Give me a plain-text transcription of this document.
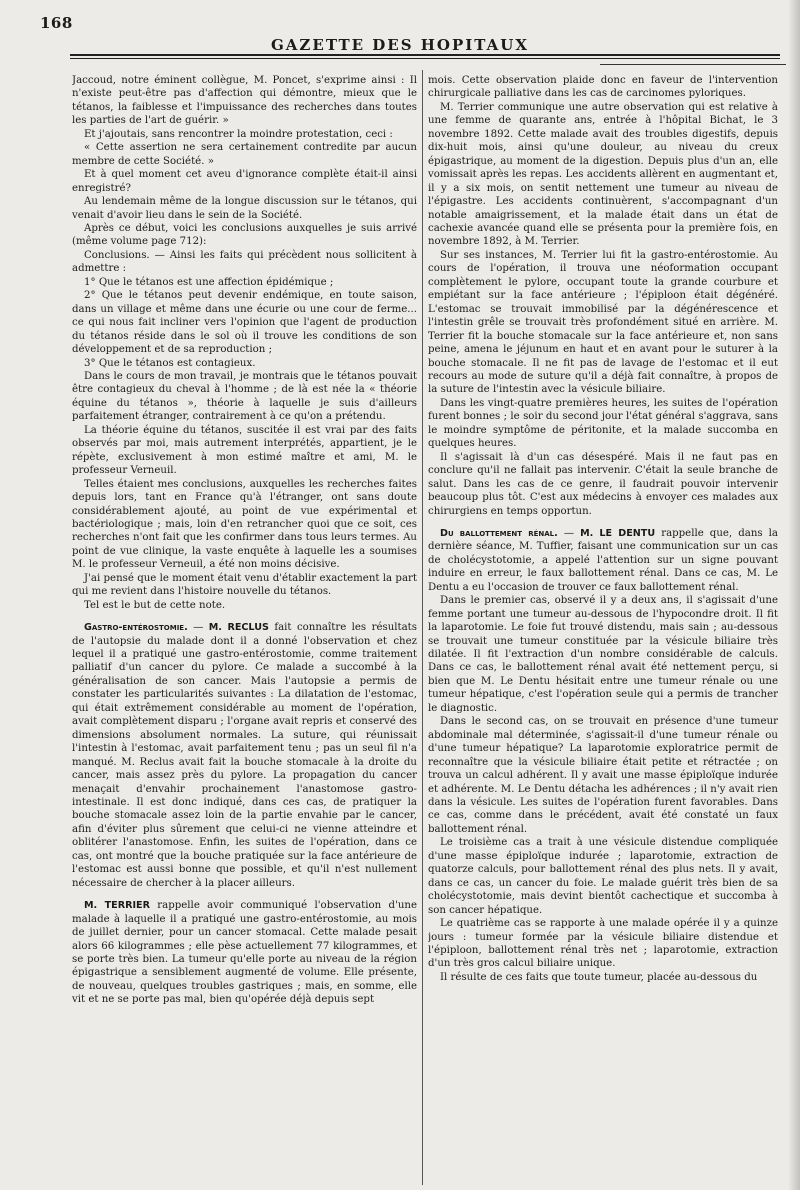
168
GAZETTE DES HOPITAUX

Jaccoud, notre éminent collègue, M. Poncet, s'exprime ainsi : Il n'existe peut-être pas d'affection qui démontre, mieux que le tétanos, la faiblesse et l'impuissance des recherches dans toutes les parties de l'art de guérir. »

Et j'ajoutais, sans rencontrer la moindre protestation, ceci :

« Cette assertion ne sera certainement contredite par aucun membre de cette Société. »

Et à quel moment cet aveu d'ignorance complète était-il ainsi enregistré?

Au lendemain même de la longue discussion sur le tétanos, qui venait d'avoir lieu dans le sein de la Société.

Après ce début, voici les conclusions auxquelles je suis arrivé (même volume page 712):

Conclusions. — Ainsi les faits qui précèdent nous sollicitent à admettre :

1° Que le tétanos est une affection épidémique ;

2° Que le tétanos peut devenir endémique, en toute saison, dans un village et même dans une écurie ou une cour de ferme... ce qui nous fait incliner vers l'opinion que l'agent de production du tétanos réside dans le sol où il trouve les conditions de son développement et de sa reproduction ;

3° Que le tétanos est contagieux.

Dans le cours de mon travail, je montrais que le tétanos pouvait être contagieux du cheval à l'homme ; de là est née la « théorie équine du tétanos », théorie à laquelle je suis d'ailleurs parfaitement étranger, contrairement à ce qu'on a prétendu.

La théorie équine du tétanos, suscitée il est vrai par des faits observés par moi, mais autrement interprétés, appartient, je le répète, exclusivement à mon estimé maître et ami, M. le professeur Verneuil.

Telles étaient mes conclusions, auxquelles les recherches faites depuis lors, tant en France qu'à l'étranger, ont sans doute considérablement ajouté, au point de vue expérimental et bactériologique ; mais, loin d'en retrancher quoi que ce soit, ces recherches n'ont fait que les confirmer dans tous leurs termes. Au point de vue clinique, la vaste enquête à laquelle les a soumises M. le professeur Verneuil, a été non moins décisive.

J'ai pensé que le moment était venu d'établir exactement la part qui me revient dans l'histoire nouvelle du tétanos.

Tel est le but de cette note.

Gastro-entérostomie. — M. RECLUS fait connaître les résultats de l'autopsie du malade dont il a donné l'observation et chez lequel il a pratiqué une gastro-entérostomie, comme traitement palliatif d'un cancer du pylore. Ce malade a succombé à la généralisation de son cancer. Mais l'autopsie a permis de constater les particularités suivantes : La dilatation de l'estomac, qui était extrêmement considérable au moment de l'opération, avait complètement disparu ; l'organe avait repris et conservé des dimensions absolument normales. La suture, qui réunissait l'intestin à l'estomac, avait parfaitement tenu ; pas un seul fil n'a manqué. M. Reclus avait fait la bouche stomacale à la droite du cancer, mais assez près du pylore. La propagation du cancer menaçait d'envahir prochainement l'anastomose gastro-intestinale. Il est donc indiqué, dans ces cas, de pratiquer la bouche stomacale assez loin de la partie envahie par le cancer, afin d'éviter plus sûrement que celui-ci ne vienne atteindre et oblitérer l'anastomose. Enfin, les suites de l'opération, dans ce cas, ont montré que la bouche pratiquée sur la face antérieure de l'estomac est aussi bonne que possible, et qu'il n'est nullement nécessaire de chercher à la placer ailleurs.

M. TERRIER rappelle avoir communiqué l'observation d'une malade à laquelle il a pratiqué une gastro-entérostomie, au mois de juillet dernier, pour un cancer stomacal. Cette malade pesait alors 66 kilogrammes ; elle pèse actuellement 77 kilogrammes, et se porte très bien. La tumeur qu'elle porte au niveau de la région épigastrique a sensiblement augmenté de volume. Elle présente, de nouveau, quelques troubles gastriques ; mais, en somme, elle vit et ne se porte pas mal, bien qu'opérée déjà depuis sept

mois. Cette observation plaide donc en faveur de l'intervention chirurgicale palliative dans les cas de carcinomes pyloriques.

M. Terrier communique une autre observation qui est relative à une femme de quarante ans, entrée à l'hôpital Bichat, le 3 novembre 1892. Cette malade avait des troubles digestifs, depuis dix-huit mois, ainsi qu'une douleur, au niveau du creux épigastrique, au moment de la digestion. Depuis plus d'un an, elle vomissait après les repas. Les accidents allèrent en augmentant et, il y a six mois, on sentit nettement une tumeur au niveau de l'épigastre. Les accidents continuèrent, s'accompagnant d'un notable amaigrissement, et la malade était dans un état de cachexie avancée quand elle se présenta pour la première fois, en novembre 1892, à M. Terrier.

Sur ses instances, M. Terrier lui fit la gastro-entérostomie. Au cours de l'opération, il trouva une néoformation occupant complètement le pylore, occupant toute la grande courbure et empiétant sur la face antérieure ; l'épiploon était dégénéré. L'estomac se trouvait immobilisé par la dégénérescence et l'intestin grêle se trouvait très profondément situé en arrière. M. Terrier fit la bouche stomacale sur la face antérieure et, non sans peine, amena le jéjunum en haut et en avant pour le suturer à la bouche stomacale. Il ne fit pas de lavage de l'estomac et il eut recours au mode de suture qu'il a déjà fait connaître, à propos de la suture de l'intestin avec la vésicule biliaire.

Dans les vingt-quatre premières heures, les suites de l'opération furent bonnes ; le soir du second jour l'état général s'aggrava, sans le moindre symptôme de péritonite, et la malade succomba en quelques heures.

Il s'agissait là d'un cas désespéré. Mais il ne faut pas en conclure qu'il ne fallait pas intervenir. C'était la seule branche de salut. Dans les cas de ce genre, il faudrait pouvoir intervenir beaucoup plus tôt. C'est aux médecins à envoyer ces malades aux chirurgiens en temps opportun.

Du ballottement rénal. — M. LE DENTU rappelle que, dans la dernière séance, M. Tuffier, faisant une communication sur un cas de cholécystotomie, a appelé l'attention sur un signe pouvant induire en erreur, le faux ballottement rénal. Dans ce cas, M. Le Dentu a eu l'occasion de trouver ce faux ballottement rénal.

Dans le premier cas, observé il y a deux ans, il s'agissait d'une femme portant une tumeur au-dessous de l'hypocondre droit. Il fit la laparotomie. Le foie fut trouvé distendu, mais sain ; au-dessous se trouvait une tumeur constituée par la vésicule biliaire très dilatée. Il fit l'extraction d'un nombre considérable de calculs. Dans ce cas, le ballottement rénal avait été nettement perçu, si bien que M. Le Dentu hésitait entre une tumeur rénale ou une tumeur hépatique, c'est l'opération seule qui a permis de trancher le diagnostic.

Dans le second cas, on se trouvait en présence d'une tumeur abdominale mal déterminée, s'agissait-il d'une tumeur rénale ou d'une tumeur hépatique? La laparotomie exploratrice permit de reconnaître que la vésicule biliaire était petite et rétractée ; on trouva un calcul adhérent. Il y avait une masse épiploïque indurée et adhérente. M. Le Dentu détacha les adhérences ; il n'y avait rien dans la vésicule. Les suites de l'opération furent favorables. Dans ce cas, comme dans le précédent, avait été constaté un faux ballottement rénal.

Le troisième cas a trait à une vésicule distendue compliquée d'une masse épiploïque indurée ; laparotomie, extraction de quatorze calculs, pour ballottement rénal des plus nets. Il y avait, dans ce cas, un cancer du foie. Le malade guérit très bien de sa cholécystotomie, mais devint bientôt cachectique et succomba à son cancer hépatique.

Le quatrième cas se rapporte à une malade opérée il y a quinze jours : tumeur formée par la vésicule biliaire distendue et l'épiploon, ballottement rénal très net ; laparotomie, extraction d'un très gros calcul biliaire unique.

Il résulte de ces faits que toute tumeur, placée au-dessous du
